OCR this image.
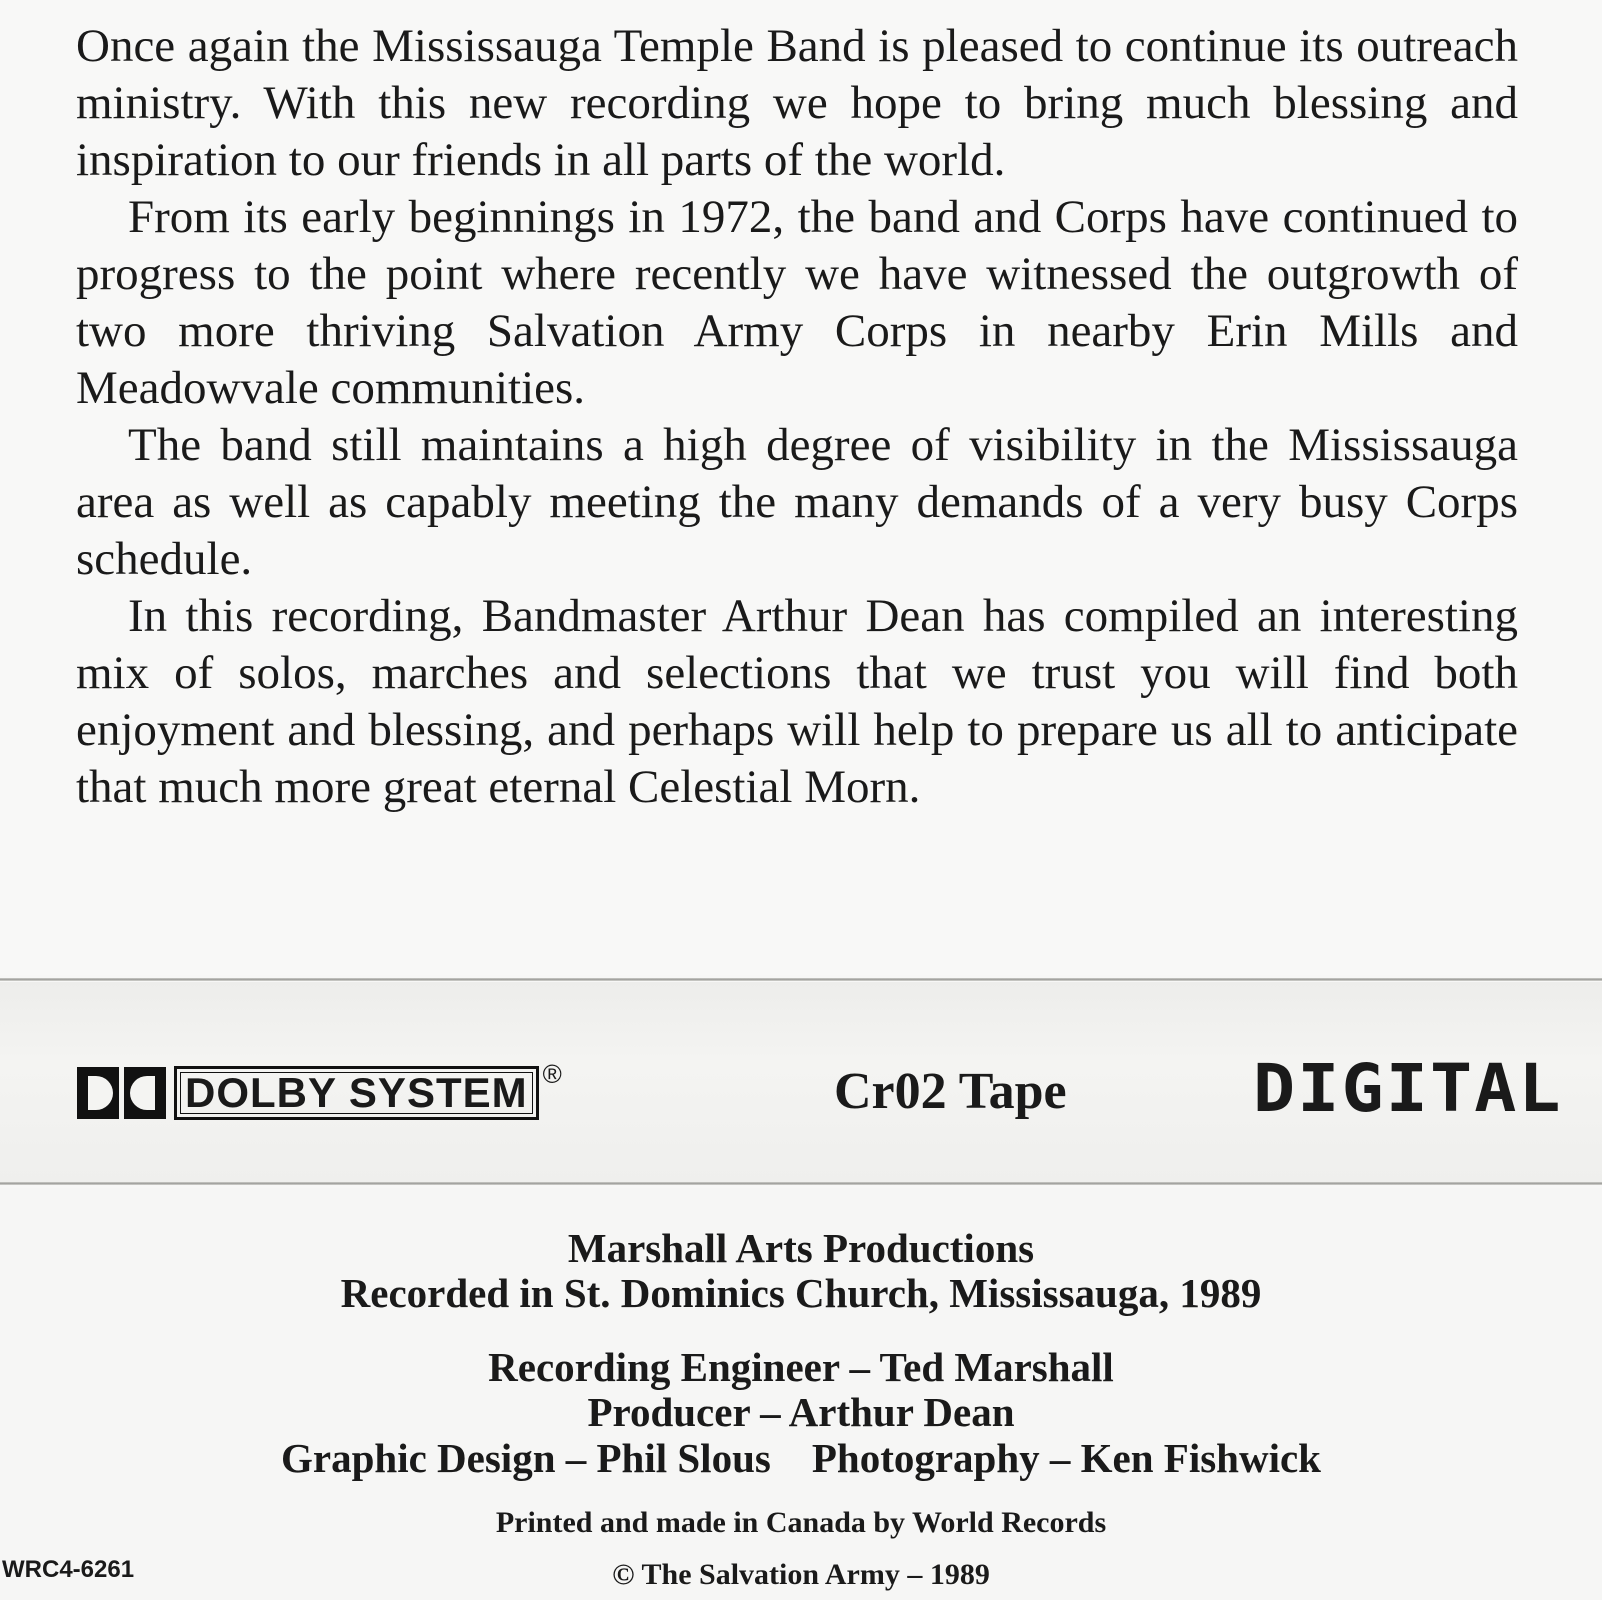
Once again the Mississauga Temple Band is pleased to continue its outreach ministry. With this new recording we hope to bring much blessing and inspiration to our friends in all parts of the world.

From its early beginnings in 1972, the band and Corps have continued to progress to the point where recently we have witnessed the outgrowth of two more thriving Salvation Army Corps in nearby Erin Mills and Meadowvale communities.

The band still maintains a high degree of visibility in the Mississauga area as well as capably meeting the many demands of a very busy Corps schedule.

In this recording, Bandmaster Arthur Dean has compiled an interesting mix of solos, marches and selections that we trust you will find both enjoyment and blessing, and perhaps will help to prepare us all to anticipate that much more great eternal Celestial Morn.

DOLBY SYSTEM ®	Cr02 Tape	DIGITAL
Marshall Arts Productions
Recorded in St. Dominics Church, Mississauga, 1989
Recording Engineer – Ted Marshall
Producer – Arthur Dean
Graphic Design – Phil Slous Photography – Ken Fishwick
Printed and made in Canada by World Records
© The Salvation Army – 1989
WRC4-6261
